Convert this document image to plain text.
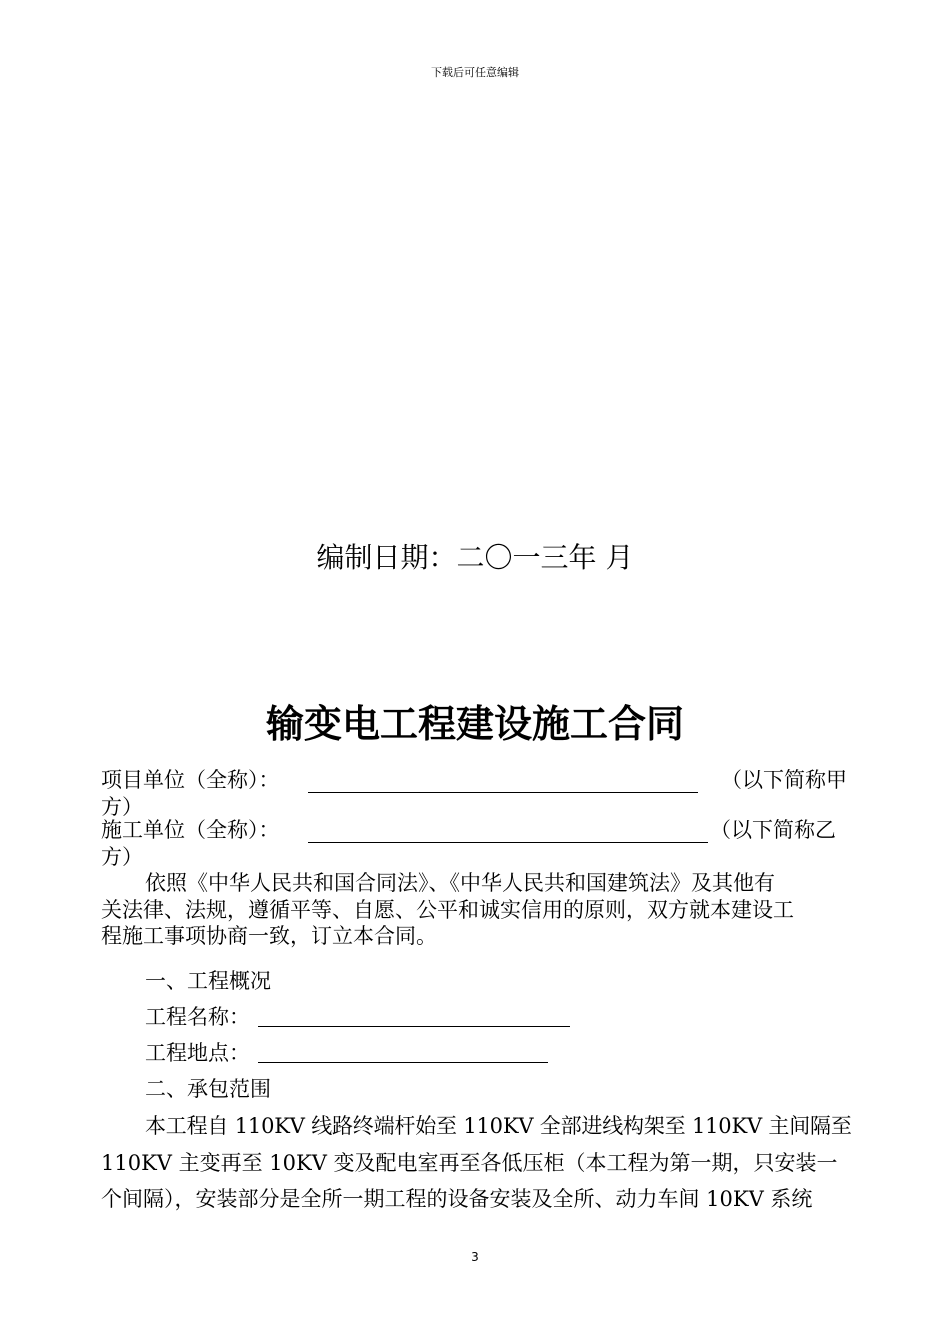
下载后可任意编辑
编制日期：二〇一三年 月
输变电工程建设施工合同
项目单位（全称）：	（以下简称甲
方）
施工单位（全称）：	（以下简称乙
方）
依照《中华人民共和国合同法》、《中华人民共和国建筑法》及其他有
关法律、法规，遵循平等、自愿、公平和诚实信用的原则，双方就本建设工
程施工事项协商一致，订立本合同。
一、工程概况
工程名称：
工程地点：
二、承包范围
本工程自 110KV 线路终端杆始至 110KV 全部进线构架至 110KV 主间隔至
110KV 主变再至 10KV 变及配电室再至各低压柜（本工程为第一期，只安装一
个间隔），安装部分是全所一期工程的设备安装及全所、动力车间 10KV 系统
3
